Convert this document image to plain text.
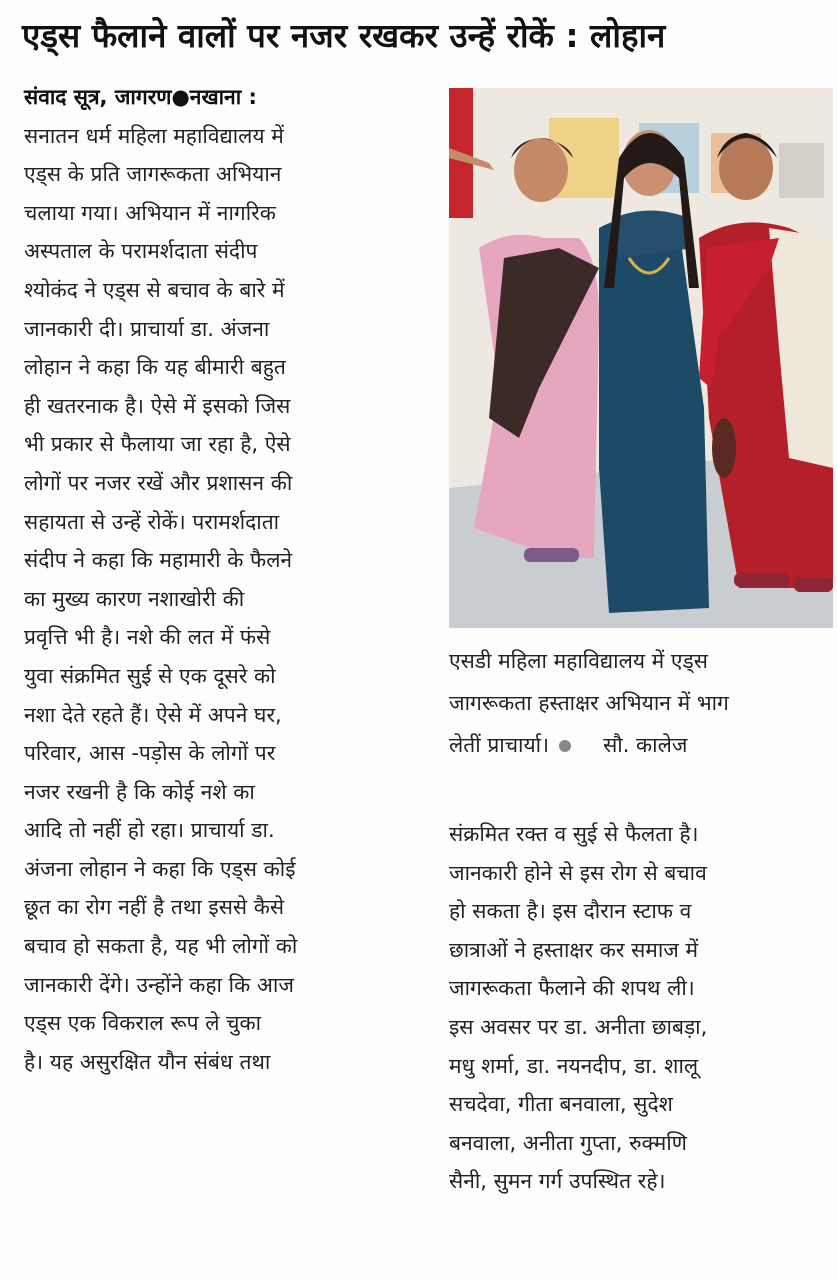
एड्स फैलाने वालों पर नजर रखकर उन्हें रोकें : लोहान
संवाद सूत्र, जागरण●नखाना :
सनातन धर्म महिला महाविद्यालय में
एड्स के प्रति जागरूकता अभियान
चलाया गया। अभियान में नागरिक
अस्पताल के परामर्शदाता संदीप
श्योकंद ने एड्स से बचाव के बारे में
जानकारी दी। प्राचार्या डा. अंजना
लोहान ने कहा कि यह बीमारी बहुत
ही खतरनाक है। ऐसे में इसको जिस
भी प्रकार से फैलाया जा रहा है, ऐसे
लोगों पर नजर रखें और प्रशासन की
सहायता से उन्हें रोकें। परामर्शदाता
संदीप ने कहा कि महामारी के फैलने
का मुख्य कारण नशाखोरी की
प्रवृत्ति भी है। नशे की लत में फंसे
युवा संक्रमित सुई से एक दूसरे को
नशा देते रहते हैं। ऐसे में अपने घर,
परिवार, आस -पड़ोस के लोगों पर
नजर रखनी है कि कोई नशे का
आदि तो नहीं हो रहा। प्राचार्या डा.
अंजना लोहान ने कहा कि एड्स कोई
छूत का रोग नहीं है तथा इससे कैसे
बचाव हो सकता है, यह भी लोगों को
जानकारी देंगे। उन्होंने कहा कि आज
एड्स एक विकराल रूप ले चुका
है। यह असुरक्षित यौन संबंध तथा
एसडी महिला महाविद्यालय में एड्स
जागरूकता हस्ताक्षर अभियान में भाग
लेतीं प्राचार्या।	सौ. कालेज
संक्रमित रक्त व सुई से फैलता है।
जानकारी होने से इस रोग से बचाव
हो सकता है। इस दौरान स्टाफ व
छात्राओं ने हस्ताक्षर कर समाज में
जागरूकता फैलाने की शपथ ली।
इस अवसर पर डा. अनीता छाबड़ा,
मधु शर्मा, डा. नयनदीप, डा. शालू
सचदेवा, गीता बनवाला, सुदेश
बनवाला, अनीता गुप्ता, रुक्मणि
सैनी, सुमन गर्ग उपस्थित रहे।
